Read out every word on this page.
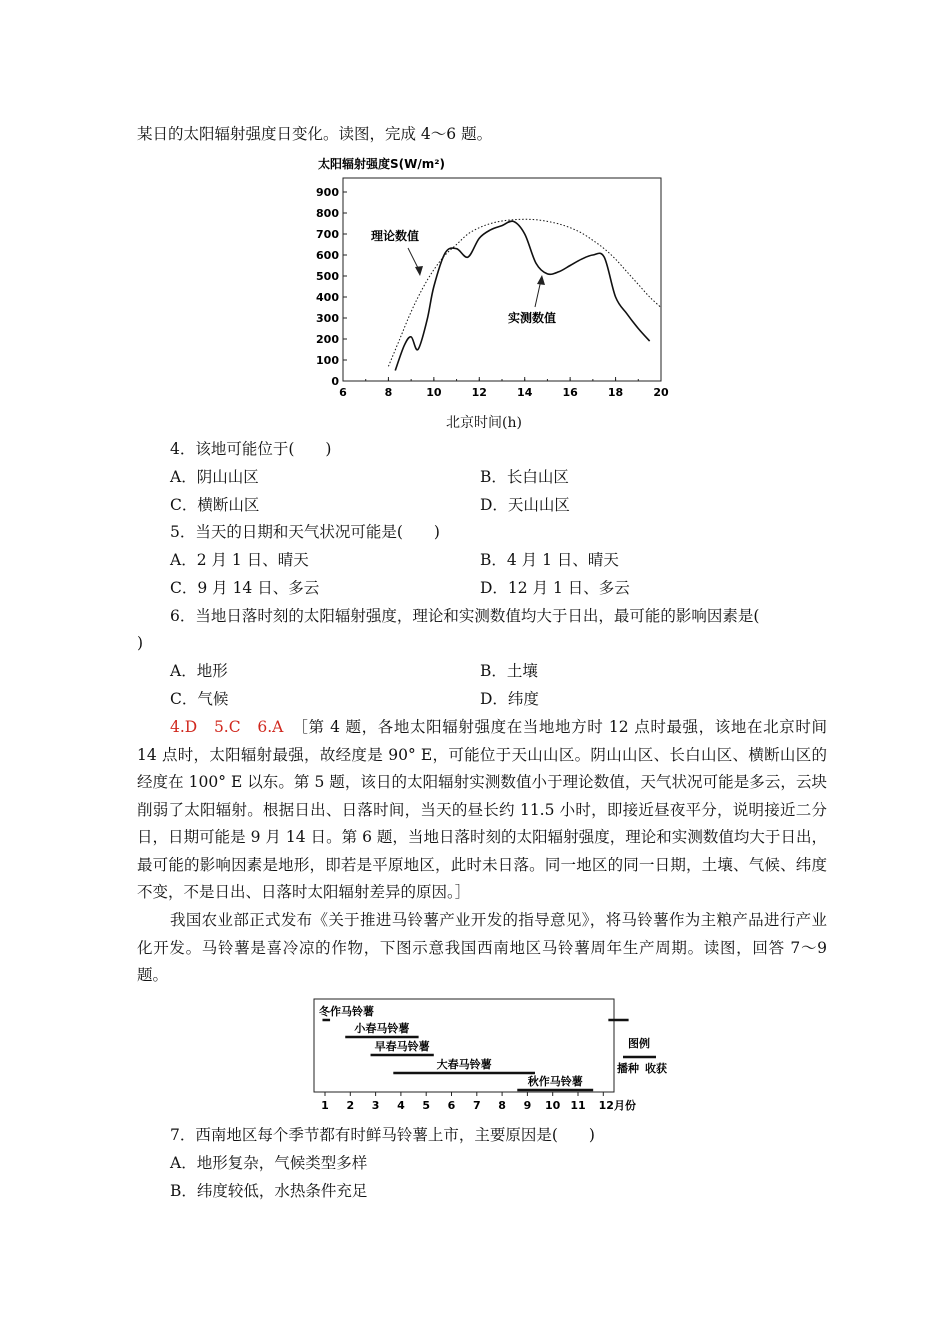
某日的太阳辐射强度日变化。读图，完成 4～6 题。
太阳辐射强度S(W/m²)
0
100
200
300
400
500
600
700
800
900
6	8	10	12	14	16	18	20
理论数值
实测数值
北京时间(h)
4．该地可能位于(　　)
A．阴山山区	B．长白山区
C．横断山区	D．天山山区
5．当天的日期和天气状况可能是(　　)
A．2 月 1 日、晴天	B．4 月 1 日、晴天
C．9 月 14 日、多云	D．12 月 1 日、多云
6．当地日落时刻的太阳辐射强度，理论和实测数值均大于日出，最可能的影响因素是(
)
A．地形	B．土壤
C．气候	D．纬度
4.D　5.C　6.A　 ［第 4 题，各地太阳辐射强度在当地地方时 12 点时最强，该地在北京时间 14 点时，太阳辐射最强，故经度是 90° E，可能位于天山山区。阴山山区、长白山区、横断山区的经度在 100° E 以东。第 5 题，该日的太阳辐射实测数值小于理论数值，天气状况可能是多云，云块削弱了太阳辐射。根据日出、日落时间，当天的昼长约 11.5 小时，即接近昼夜平分，说明接近二分日，日期可能是 9 月 14 日。第 6 题，当地日落时刻的太阳辐射强度，理论和实测数值均大于日出，最可能的影响因素是地形，即若是平原地区，此时未日落。同一地区的同一日期，土壤、气候、纬度不变，不是日出、日落时太阳辐射差异的原因。］
我国农业部正式发布《关于推进马铃薯产业开发的指导意见》，将马铃薯作为主粮产品进行产业化开发。马铃薯是喜冷凉的作物，下图示意我国西南地区马铃薯周年生产周期。读图，回答 7～9 题。
冬作马铃薯
小春马铃薯
早春马铃薯
大春马铃薯
秋作马铃薯
1 2 3 4 5 6 7 8 9 10 11 12月份
图例
播种 收获
7．西南地区每个季节都有时鲜马铃薯上市，主要原因是(　　)
A．地形复杂，气候类型多样
B．纬度较低，水热条件充足
